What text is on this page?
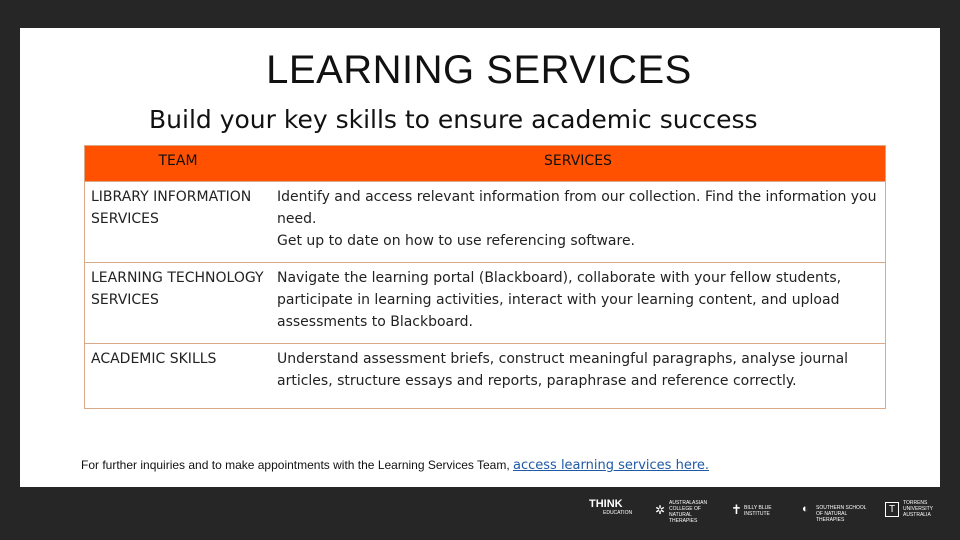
LEARNING SERVICES
Build your key skills to ensure academic success
TEAM	SERVICES
LIBRARY INFORMATION SERVICES	Identify and access relevant information from our collection. Find the information you need.
Get up to date on how to use referencing software.

LEARNING TECHNOLOGY SERVICES	Navigate the learning portal (Blackboard), collaborate with your fellow students, participate in learning activities, interact with your learning content, and upload assessments to Blackboard.

ACADEMIC SKILLS	Understand assessment briefs, construct meaningful paragraphs, analyse journal articles, structure essays and reports, paraphrase and reference correctly.
For further inquiries and to make appointments with the Learning Services Team, access learning services here.
THINK
EDUCATION ✲ AUSTRALASIAN COLLEGE OF NATURAL THERAPIES
✝ BILLY BLUE INSTITUTE	◐ SOUTHERN SCHOOL OF NATURAL THERAPIES
T
TORRENS UNIVERSITY AUSTRALIA
